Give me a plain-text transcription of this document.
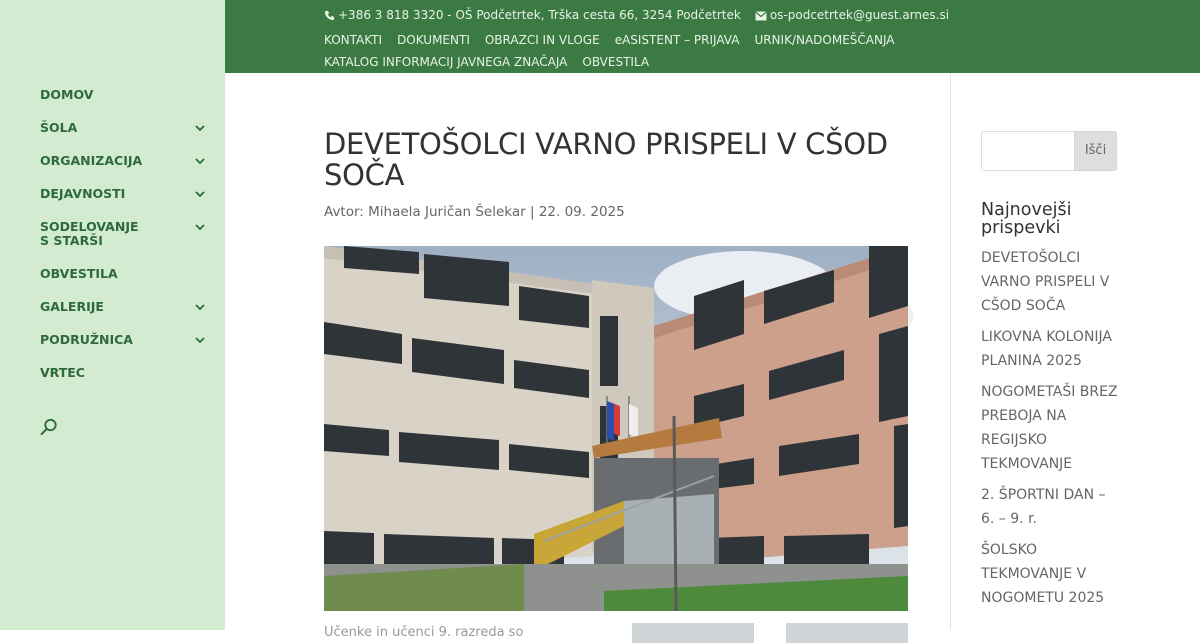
DOMOV
ŠOLA
ORGANIZACIJA
DEJAVNOSTI
SODELOVANJE S STARŠI
OBVESTILA
GALERIJE
PODRUŽNICA
VRTEC
+386 3 818 3320 - OŠ Podčetrtek, Trška cesta 66, 3254 Podčetrtek os-podcetrtek@guest.arnes.si
KONTAKTI DOKUMENTI OBRAZCI IN VLOGE eASISTENT – PRIJAVA URNIK/NADOMEŠČANJAKATALOG INFORMACIJ JAVNEGA ZNAČAJA OBVESTILA
DEVETOŠOLCI VARNO PRISPELI V CŠOD SOČA
Avtor: Mihaela Juričan Šelekar | 22. 09. 2025
Učenke in učenci 9. razreda so
Išči
Najnovejši prispevki
DEVETOŠOLCI VARNO PRISPELI V CŠOD SOČA
LIKOVNA KOLONIJA PLANINA 2025
NOGOMETAŠI BREZ PREBOJA NA REGIJSKO TEKMOVANJE
2. ŠPORTNI DAN – 6. – 9. r.
ŠOLSKO TEKMOVANJE V NOGOMETU 2025
